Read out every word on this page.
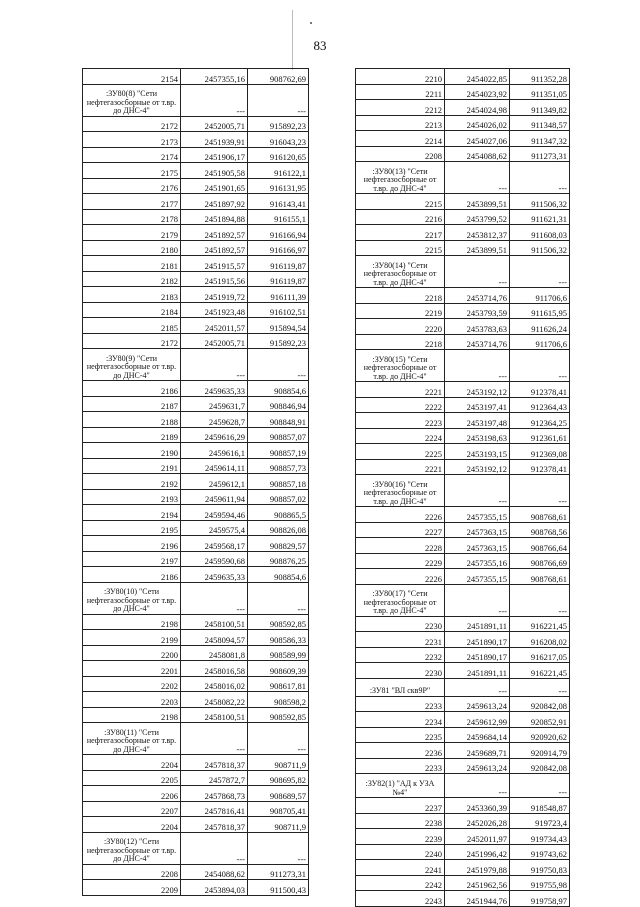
83
2154	2457355,16	908762,69
:ЗУ80(8) "Сети нефтегазосборные от т.вр. до ДНС-4"	---	---
2172	2452005,71	915892,23
2173	2451939,91	916043,23
2174	2451906,17	916120,65
2175	2451905,58	916122,1
2176	2451901,65	916131,95
2177	2451897,92	916143,41
2178	2451894,88	916155,1
2179	2451892,57	916166,94
2180	2451892,57	916166,97
2181	2451915,57	916119,87
2182	2451915,56	916119,87
2183	2451919,72	916111,39
2184	2451923,48	916102,51
2185	2452011,57	915894,54
2172	2452005,71	915892,23
:ЗУ80(9) "Сети нефтегазосборные от т.вр. до ДНС-4"	---	---
2186	2459635,33	908854,6
2187	2459631,7	908846,94
2188	2459628,7	908848,91
2189	2459616,29	908857,07
2190	2459616,1	908857,19
2191	2459614,11	908857,73
2192	2459612,1	908857,18
2193	2459611,94	908857,02
2194	2459594,46	908865,5
2195	2459575,4	908826,08
2196	2459568,17	908829,57
2197	2459590,68	908876,25
2186	2459635,33	908854,6
:ЗУ80(10) "Сети нефтегазосборные от т.вр. до ДНС-4"	---	---
2198	2458100,51	908592,85
2199	2458094,57	908586,33
2200	2458081,8	908589,99
2201	2458016,58	908609,39
2202	2458016,02	908617,81
2203	2458082,22	908598,2
2198	2458100,51	908592,85
:ЗУ80(11) "Сети нефтегазосборные от т.вр. до ДНС-4"	---	---
2204	2457818,37	908711,9
2205	2457872,7	908695,82
2206	2457868,73	908689,57
2207	2457816,41	908705,41
2204	2457818,37	908711,9
:ЗУ80(12) "Сети нефтегазосборные от т.вр. до ДНС-4"	---	---
2208	2454088,62	911273,31
2209	2453894,03	911500,43
2210	2454022,85	911352,28
2211	2454023,92	911351,05
2212	2454024,98	911349,82
2213	2454026,02	911348,57
2214	2454027,06	911347,32
2208	2454088,62	911273,31
:ЗУ80(13) "Сети нефтегазосборные от т.вр. до ДНС-4"	---	---
2215	2453899,51	911506,32
2216	2453799,52	911621,31
2217	2453812,37	911608,03
2215	2453899,51	911506,32
:ЗУ80(14) "Сети нефтегазосборные от т.вр. до ДНС-4"	---	---
2218	2453714,76	911706,6
2219	2453793,59	911615,95
2220	2453783,63	911626,24
2218	2453714,76	911706,6
:ЗУ80(15) "Сети нефтегазосборные от т.вр. до ДНС-4"	---	---
2221	2453192,12	912378,41
2222	2453197,41	912364,43
2223	2453197,48	912364,25
2224	2453198,63	912361,61
2225	2453193,15	912369,08
2221	2453192,12	912378,41
:ЗУ80(16) "Сети нефтегазосборные от т.вр. до ДНС-4"	---	---
2226	2457355,15	908768,61
2227	2457363,15	908768,56
2228	2457363,15	908766,64
2229	2457355,16	908766,69
2226	2457355,15	908768,61
:ЗУ80(17) "Сети нефтегазосборные от т.вр. до ДНС-4"	---	---
2230	2451891,11	916221,45
2231	2451890,17	916208,02
2232	2451890,17	916217,05
2230	2451891,11	916221,45
:ЗУ81 "ВЛ скв9Р"	---	---
2233	2459613,24	920842,08
2234	2459612,99	920852,91
2235	2459684,14	920920,62
2236	2459689,71	920914,79
2233	2459613,24	920842,08
:ЗУ82(1) "АД к УЗА №4"	---	---
2237	2453360,39	918548,87
2238	2452026,28	919723,4
2239	2452011,97	919734,43
2240	2451996,42	919743,62
2241	2451979,88	919750,83
2242	2451962,56	919755,98
2243	2451944,76	919758,97
